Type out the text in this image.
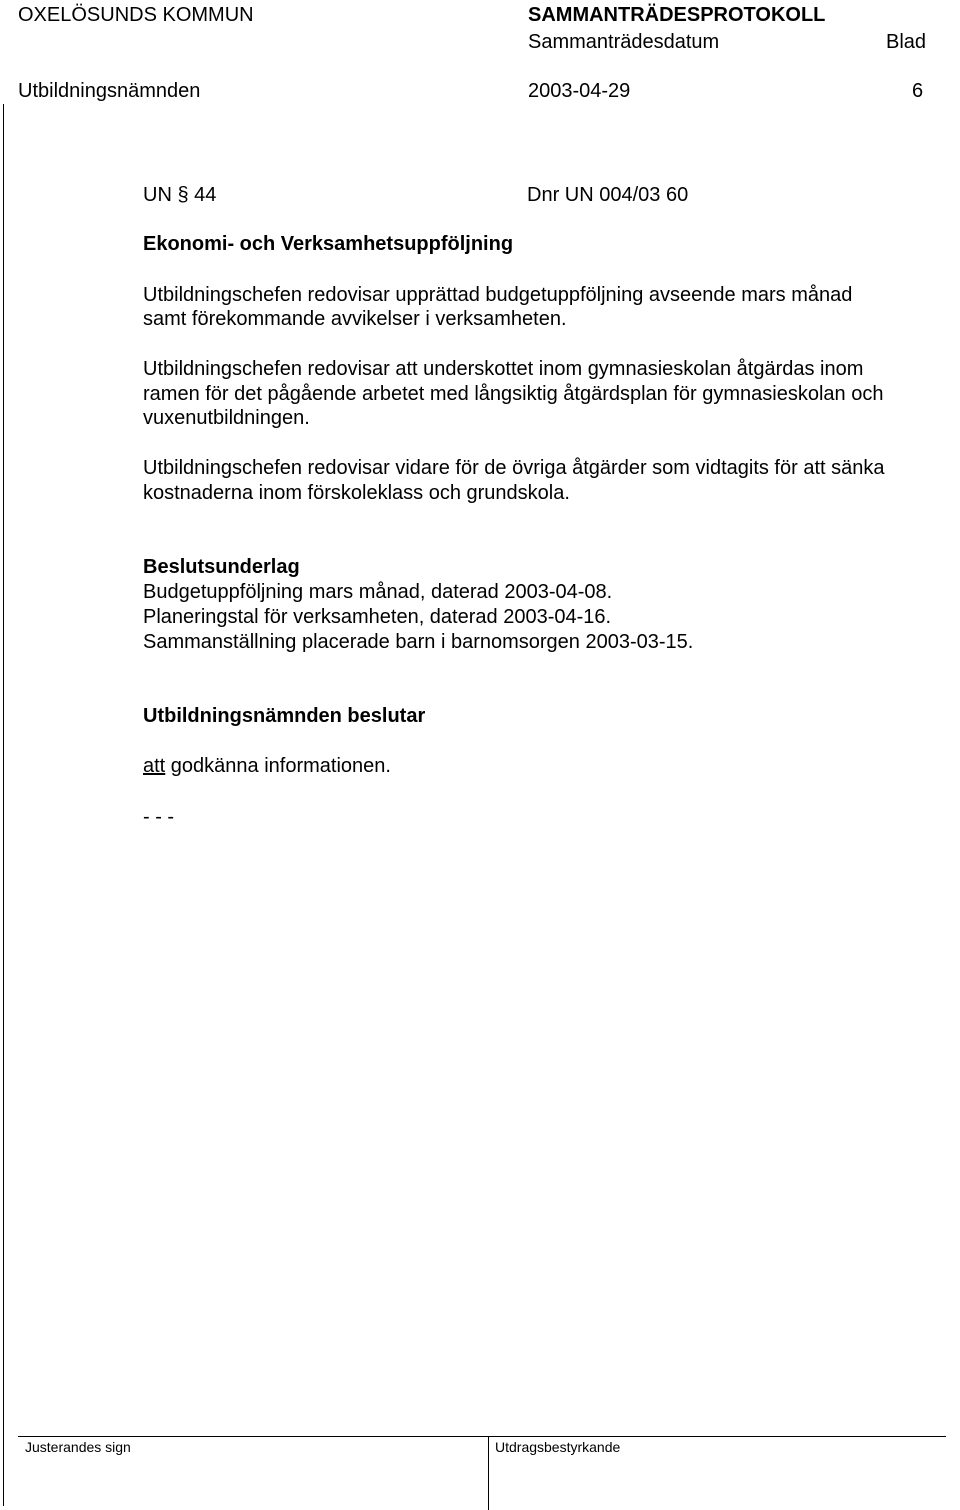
OXELÖSUNDS KOMMUN	SAMMANTRÄDESPROTOKOLL
Sammanträdesdatum	Blad
Utbildningsnämnden	2003-04-29	6
UN § 44	Dnr UN 004/03 60
Ekonomi- och Verksamhetsuppföljning
Utbildningschefen redovisar upprättad budgetuppföljning avseende mars månad
samt förekommande avvikelser i verksamheten.
Utbildningschefen redovisar att underskottet inom gymnasieskolan åtgärdas inom
ramen för det pågående arbetet med långsiktig åtgärdsplan för gymnasieskolan och
vuxenutbildningen.
Utbildningschefen redovisar vidare för de övriga åtgärder som vidtagits för att sänka
kostnaderna inom förskoleklass och grundskola.
Beslutsunderlag
Budgetuppföljning mars månad, daterad 2003-04-08.
Planeringstal för verksamheten, daterad 2003-04-16.
Sammanställning placerade barn i barnomsorgen 2003-03-15.
Utbildningsnämnden beslutar
att godkänna informationen.
- - -
Justerandes sign	Utdragsbestyrkande
